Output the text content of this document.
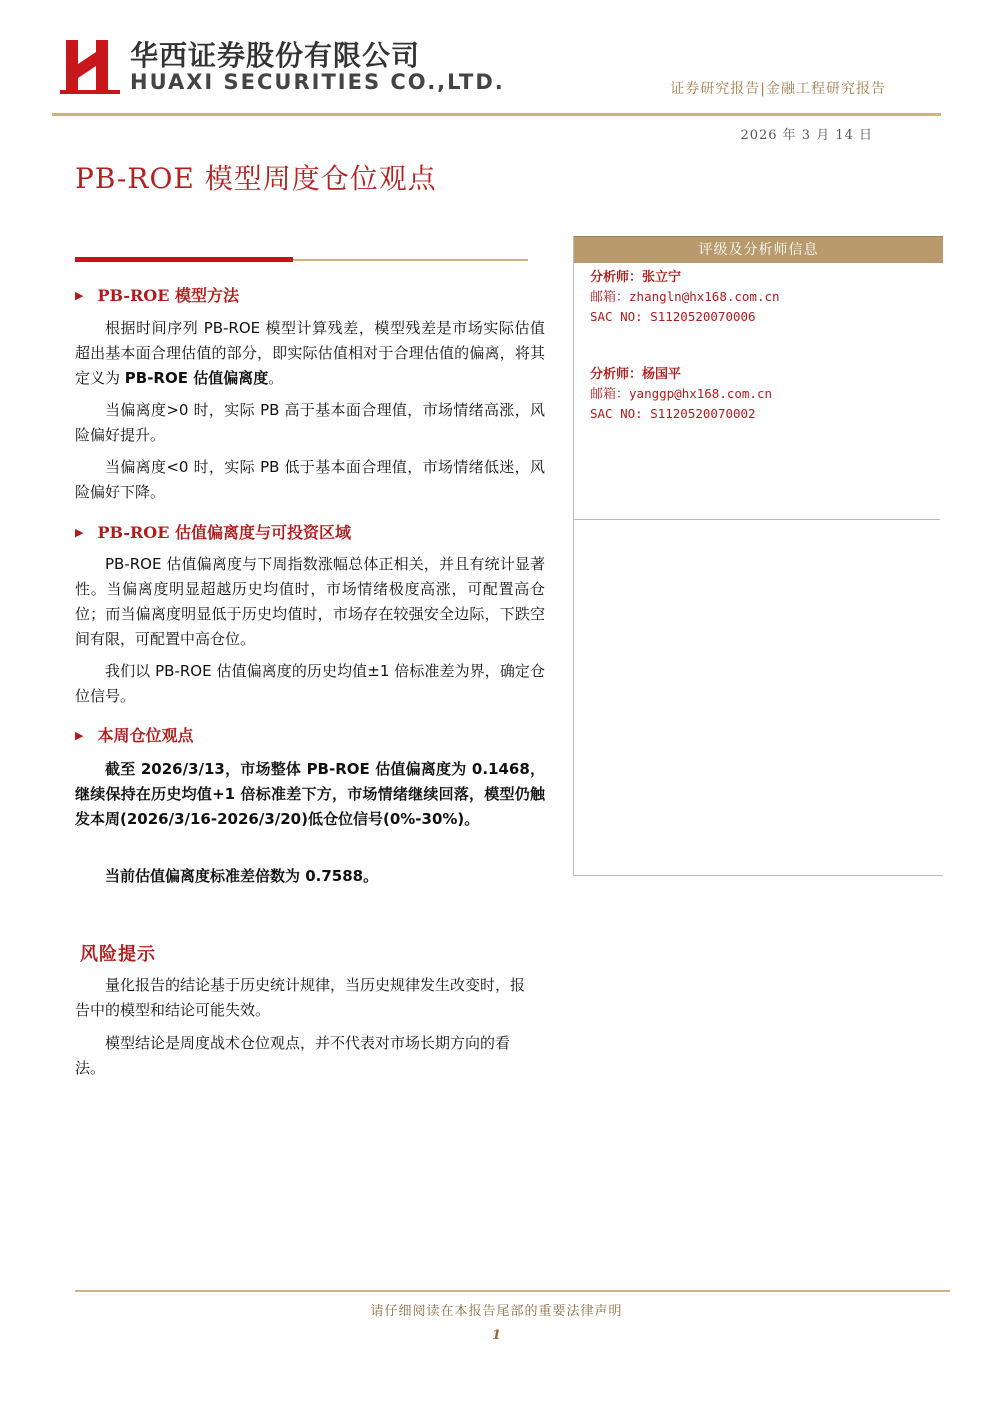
华西证券股份有限公司
HUAXI SECURITIES CO.,LTD.	证券研究报告|金融工程研究报告
2026 年 3 月 14 日
PB-ROE 模型周度仓位观点
▶ PB-ROE 模型方法
根据时间序列 PB-ROE 模型计算残差，模型残差是市场实际估值超出基本面合理估值的部分，即实际估值相对于合理估值的偏离，将其定义为 PB-ROE 估值偏离度。
当偏离度>0 时，实际 PB 高于基本面合理值，市场情绪高涨，风险偏好提升。
当偏离度<0 时，实际 PB 低于基本面合理值，市场情绪低迷，风险偏好下降。
▶ PB-ROE 估值偏离度与可投资区域
PB-ROE 估值偏离度与下周指数涨幅总体正相关，并且有统计显著性。当偏离度明显超越历史均值时，市场情绪极度高涨，可配置高仓位；而当偏离度明显低于历史均值时，市场存在较强安全边际，下跌空间有限，可配置中高仓位。
我们以 PB-ROE 估值偏离度的历史均值±1 倍标准差为界，确定仓位信号。
▶ 本周仓位观点
截至 2026/3/13，市场整体 PB-ROE 估值偏离度为 0.1468，继续保持在历史均值+1 倍标准差下方，市场情绪继续回落，模型仍触发本周(2026/3/16-2026/3/20)低仓位信号(0%-30%)。
当前估值偏离度标准差倍数为 0.7588。
风险提示
量化报告的结论基于历史统计规律，当历史规律发生改变时，报告中的模型和结论可能失效。
模型结论是周度战术仓位观点，并不代表对市场长期方向的看法。
评级及分析师信息
分析师：张立宁
邮箱：zhangln@hx168.com.cn
SAC NO: S1120520070006
分析师：杨国平
邮箱：yanggp@hx168.com.cn
SAC NO: S1120520070002
请仔细阅读在本报告尾部的重要法律声明
1
